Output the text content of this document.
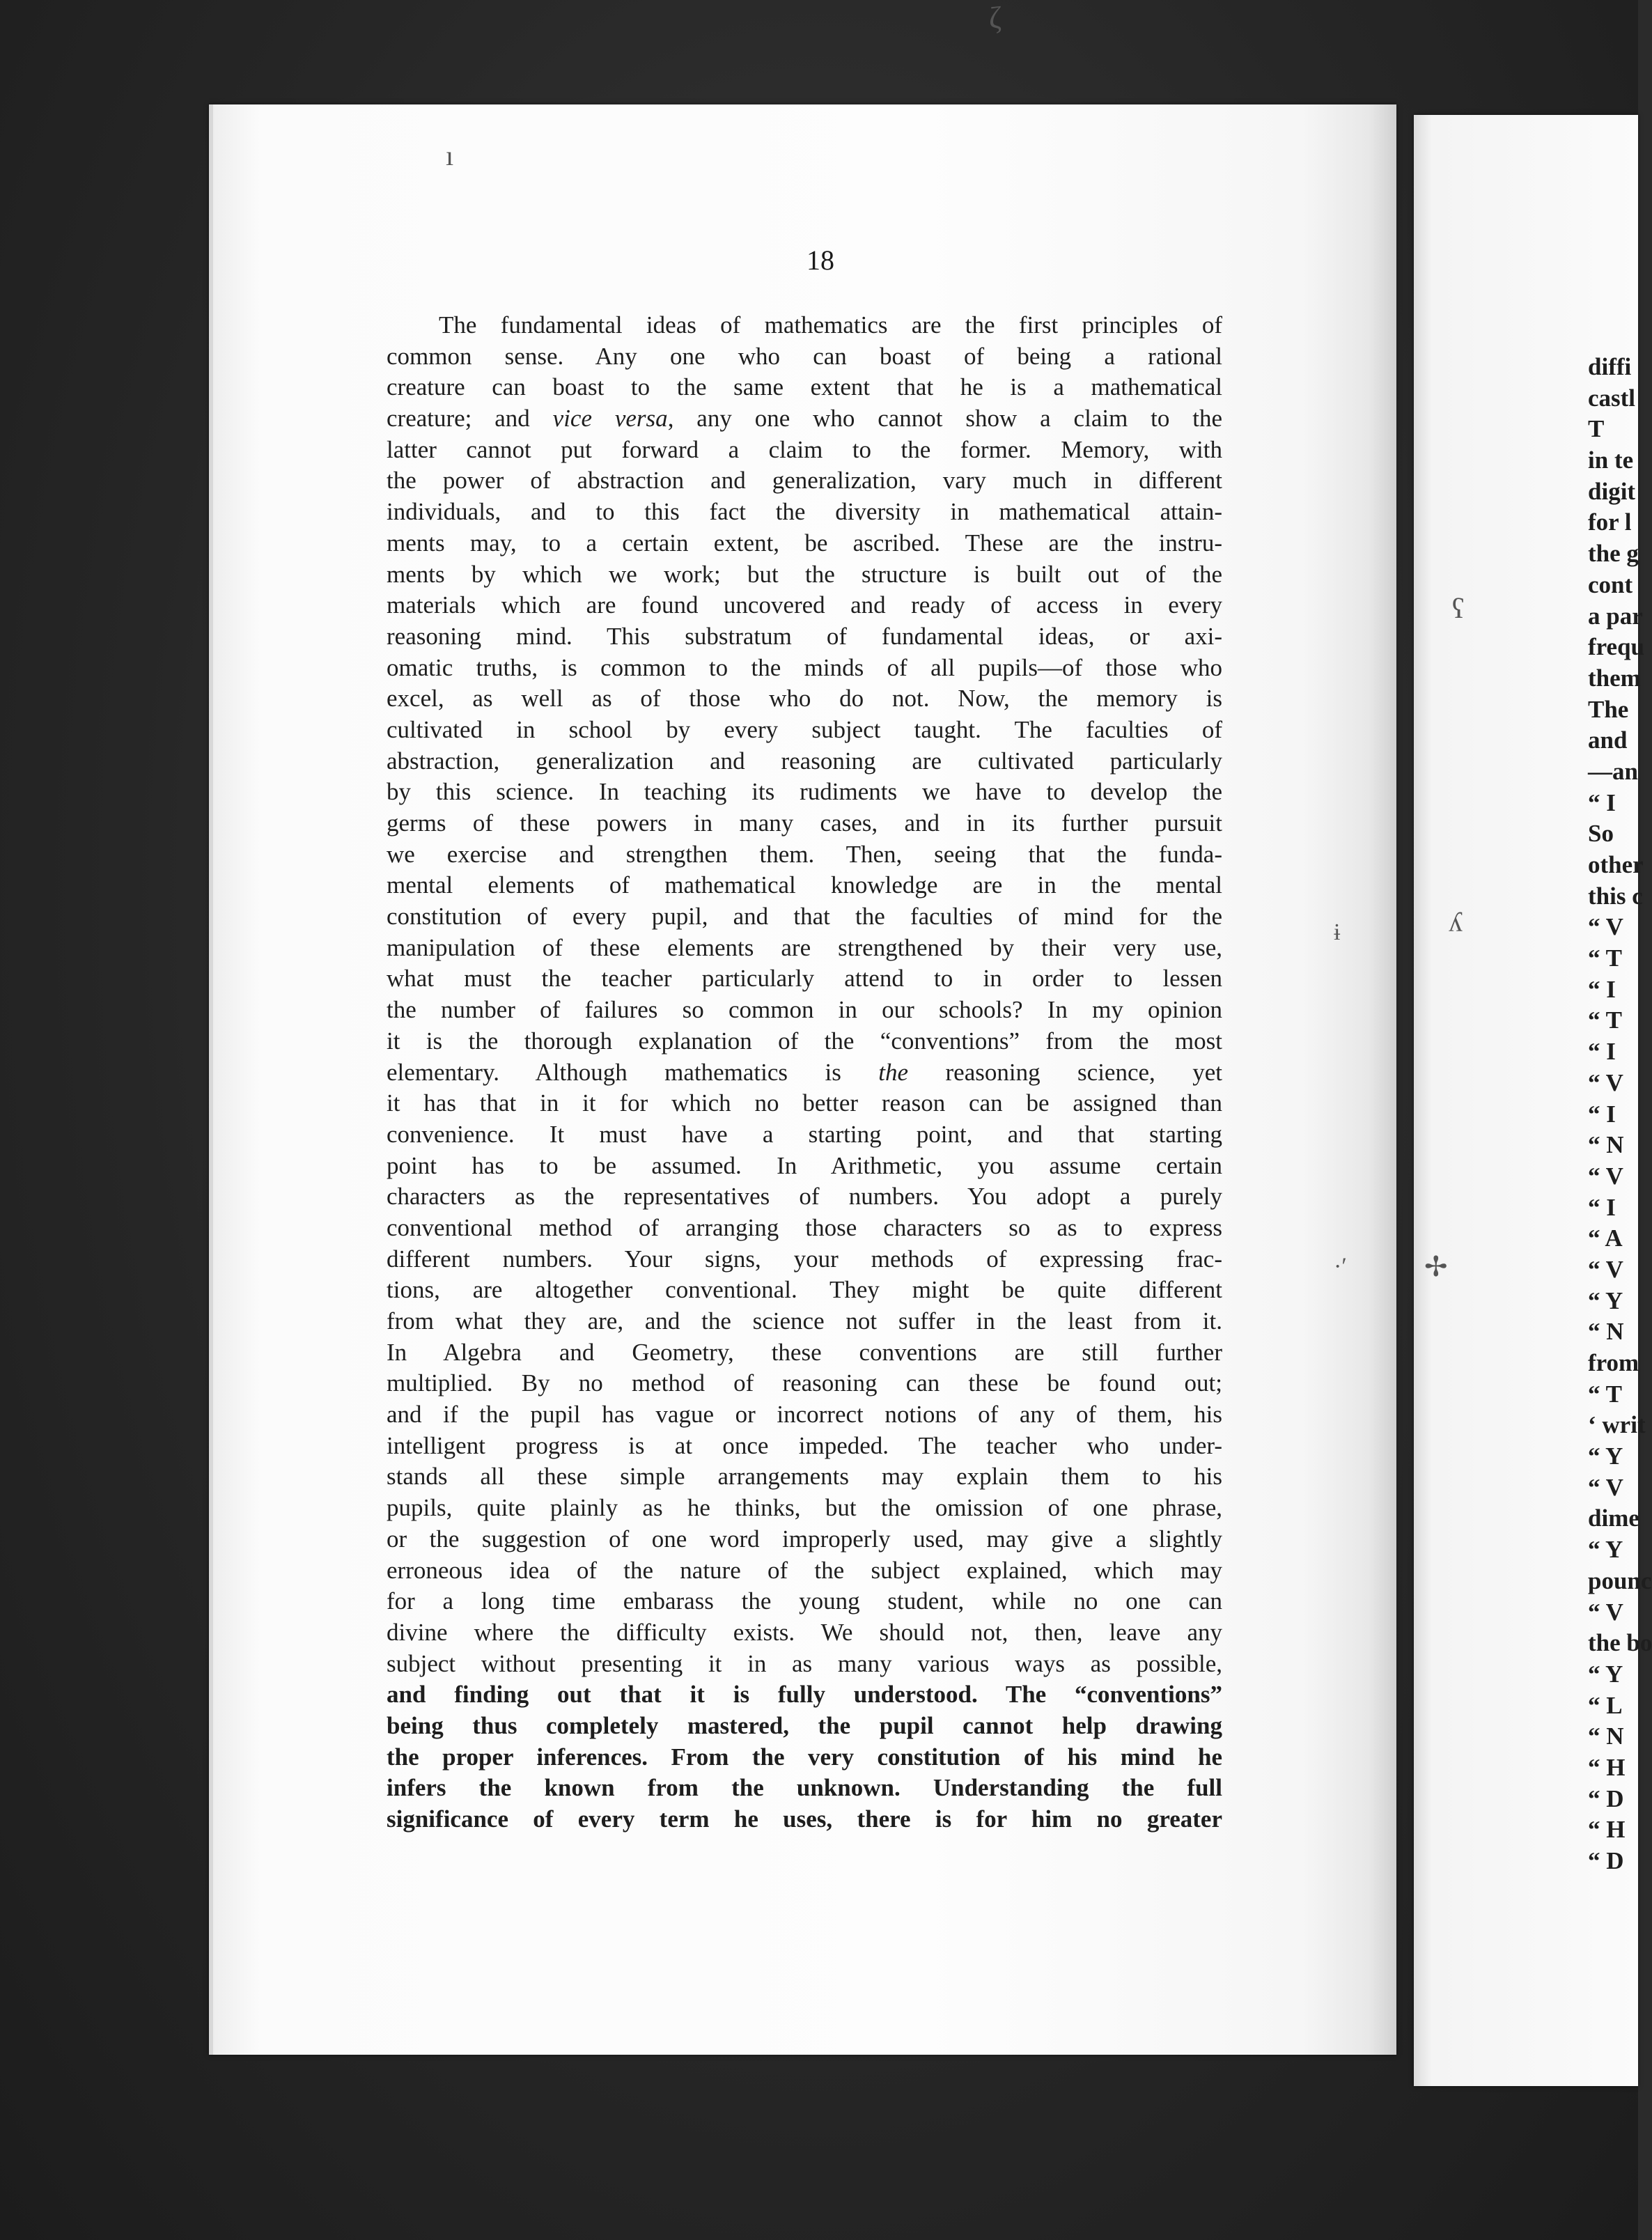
18
The fundamental ideas of mathematics are the first principles of
common sense. Any one who can boast of being a rational
creature can boast to the same extent that he is a mathematical
creature; and vice versa, any one who cannot show a claim to the
latter cannot put forward a claim to the former. Memory, with
the power of abstraction and generalization, vary much in different
individuals, and to this fact the diversity in mathematical attain-
ments may, to a certain extent, be ascribed. These are the instru-
ments by which we work; but the structure is built out of the
materials which are found uncovered and ready of access in every
reasoning mind. This substratum of fundamental ideas, or axi-
omatic truths, is common to the minds of all pupils—of those who
excel, as well as of those who do not. Now, the memory is
cultivated in school by every subject taught. The faculties of
abstraction, generalization and reasoning are cultivated particularly
by this science. In teaching its rudiments we have to develop the
germs of these powers in many cases, and in its further pursuit
we exercise and strengthen them. Then, seeing that the funda-
mental elements of mathematical knowledge are in the mental
constitution of every pupil, and that the faculties of mind for the
manipulation of these elements are strengthened by their very use,
what must the teacher particularly attend to in order to lessen
the number of failures so common in our schools? In my opinion
it is the thorough explanation of the “conventions” from the most
elementary. Although mathematics is the reasoning science, yet
it has that in it for which no better reason can be assigned than
convenience. It must have a starting point, and that starting
point has to be assumed. In Arithmetic, you assume certain
characters as the representatives of numbers. You adopt a purely
conventional method of arranging those characters so as to express
different numbers. Your signs, your methods of expressing frac-
tions, are altogether conventional. They might be quite different
from what they are, and the science not suffer in the least from it.
In Algebra and Geometry, these conventions are still further
multiplied. By no method of reasoning can these be found out;
and if the pupil has vague or incorrect notions of any of them, his
intelligent progress is at once impeded. The teacher who under-
stands all these simple arrangements may explain them to his
pupils, quite plainly as he thinks, but the omission of one phrase,
or the suggestion of one word improperly used, may give a slightly
erroneous idea of the nature of the subject explained, which may
for a long time embarass the young student, while no one can
divine where the difficulty exists. We should not, then, leave any
subject without presenting it in as many various ways as possible,
and finding out that it is fully understood. The “conventions”
being thus completely mastered, the pupil cannot help drawing
the proper inferences. From the very constitution of his mind he
infers the known from the unknown. Understanding the full
significance of every term he uses, there is for him no greater
diffi
castl
T
in te
digit
for l
the g
cont
a par
frequ
them
The
and
—an
“ I
So
other
this c
“ V
“ T
“ I
“ T
“ I
“ V
“ I
“ N
“ V
“ I
“ A
“ V
“ Y
“ N
from
“ T
‘ writ
“ Y
“ V
dime
“ Y
pounc
“ V
the bo
“ Y
“ L
“ N
“ H
“ D
“ H
“ D
ı
ζ
ʕ
ʎ
✢
ɨ
·ʹ
